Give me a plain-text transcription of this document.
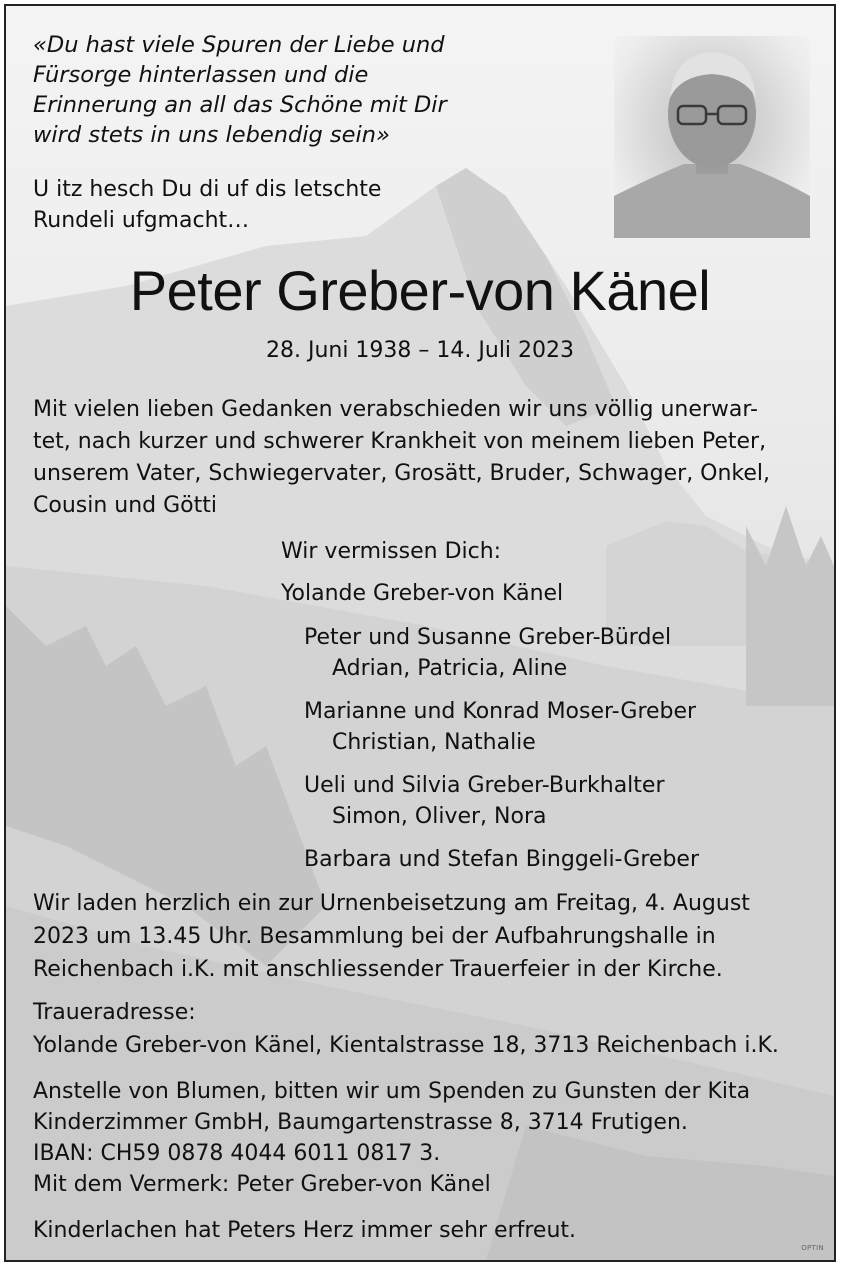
«Du hast viele Spuren der Liebe und

Fürsorge hinterlassen und die

Erinnerung an all das Schöne mit Dir

wird stets in uns lebendig sein»

U itz hesch Du di uf dis letschte

Rundeli ufgmacht…

Peter Greber-von Känel

28. Juni 1938 – 14. Juli 2023

Mit vielen lieben Gedanken verabschieden wir uns völlig unerwar-

tet, nach kurzer und schwerer Krankheit von meinem lieben Peter,

unserem Vater, Schwiegervater, Grosätt, Bruder, Schwager, Onkel,

Cousin und Götti

Wir vermissen Dich:

Yolande Greber-von Känel

Peter und Susanne Greber-Bürdel

Adrian, Patricia, Aline

Marianne und Konrad Moser-Greber

Christian, Nathalie

Ueli und Silvia Greber-Burkhalter

Simon, Oliver, Nora

Barbara und Stefan Binggeli-Greber

Wir laden herzlich ein zur Urnenbeisetzung am Freitag, 4. August

2023 um 13.45 Uhr. Besammlung bei der Aufbahrungshalle in

Reichenbach i.K. mit anschliessender Trauerfeier in der Kirche.

Traueradresse:

Yolande Greber-von Känel, Kientalstrasse 18, 3713 Reichenbach i.K.

Anstelle von Blumen, bitten wir um Spenden zu Gunsten der Kita

Kinderzimmer GmbH, Baumgartenstrasse 8, 3714 Frutigen.

IBAN: CH59 0878 4044 6011 0817 3.

Mit dem Vermerk: Peter Greber-von Känel

Kinderlachen hat Peters Herz immer sehr erfreut.

OPTIN
